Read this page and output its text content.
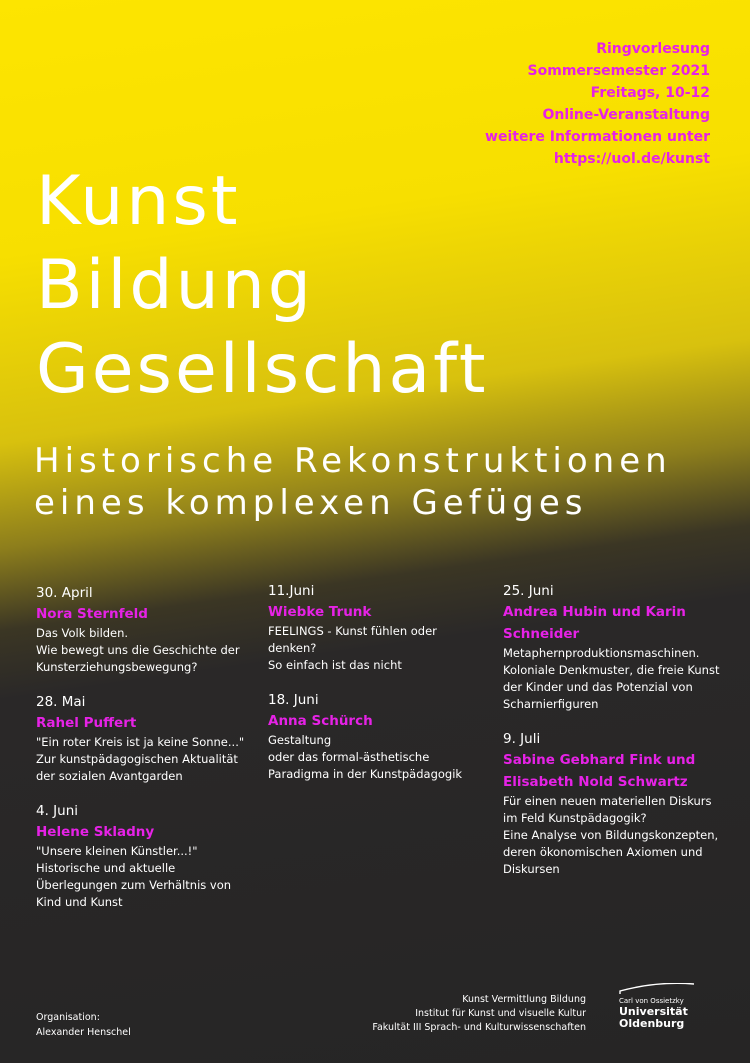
Ringvorlesung
Sommersemester 2021
Freitags, 10-12
Online-Veranstaltung
weitere Informationen unter
https://uol.de/kunst
Kunst
Bildung
Gesellschaft
Historische Rekonstruktionen
eines komplexen Gefüges
30. April
Nora Sternfeld
Das Volk bilden.
Wie bewegt uns die Geschichte der Kunsterziehungsbewegung?
28. Mai
Rahel Puffert
"Ein roter Kreis ist ja keine Sonne..."
Zur kunstpädagogischen Aktualität der sozialen Avantgarden
4. Juni
Helene Skladny
"Unsere kleinen Künstler...!"
Historische und aktuelle Überlegungen zum Verhältnis von Kind und Kunst
11.Juni
Wiebke Trunk
FEELINGS - Kunst fühlen oder denken?
So einfach ist das nicht
18. Juni
Anna Schürch
Gestaltung
oder das formal-ästhetische Paradigma in der Kunstpädagogik
25. Juni
Andrea Hubin und Karin Schneider
Metaphernproduktionsmaschinen. Koloniale Denkmuster, die freie Kunst der Kinder und das Potenzial von Scharnierfiguren
9. Juli
Sabine Gebhard Fink und Elisabeth Nold Schwartz
Für einen neuen materiellen Diskurs im Feld Kunstpädagogik?
Eine Analyse von Bildungskonzepten, deren ökonomischen Axiomen und Diskursen
Organisation:
Alexander Henschel
Kunst Vermittlung Bildung
Institut für Kunst und visuelle Kultur
Fakultät III Sprach- und Kulturwissenschaften
Carl von Ossietzky
Universität
Oldenburg
